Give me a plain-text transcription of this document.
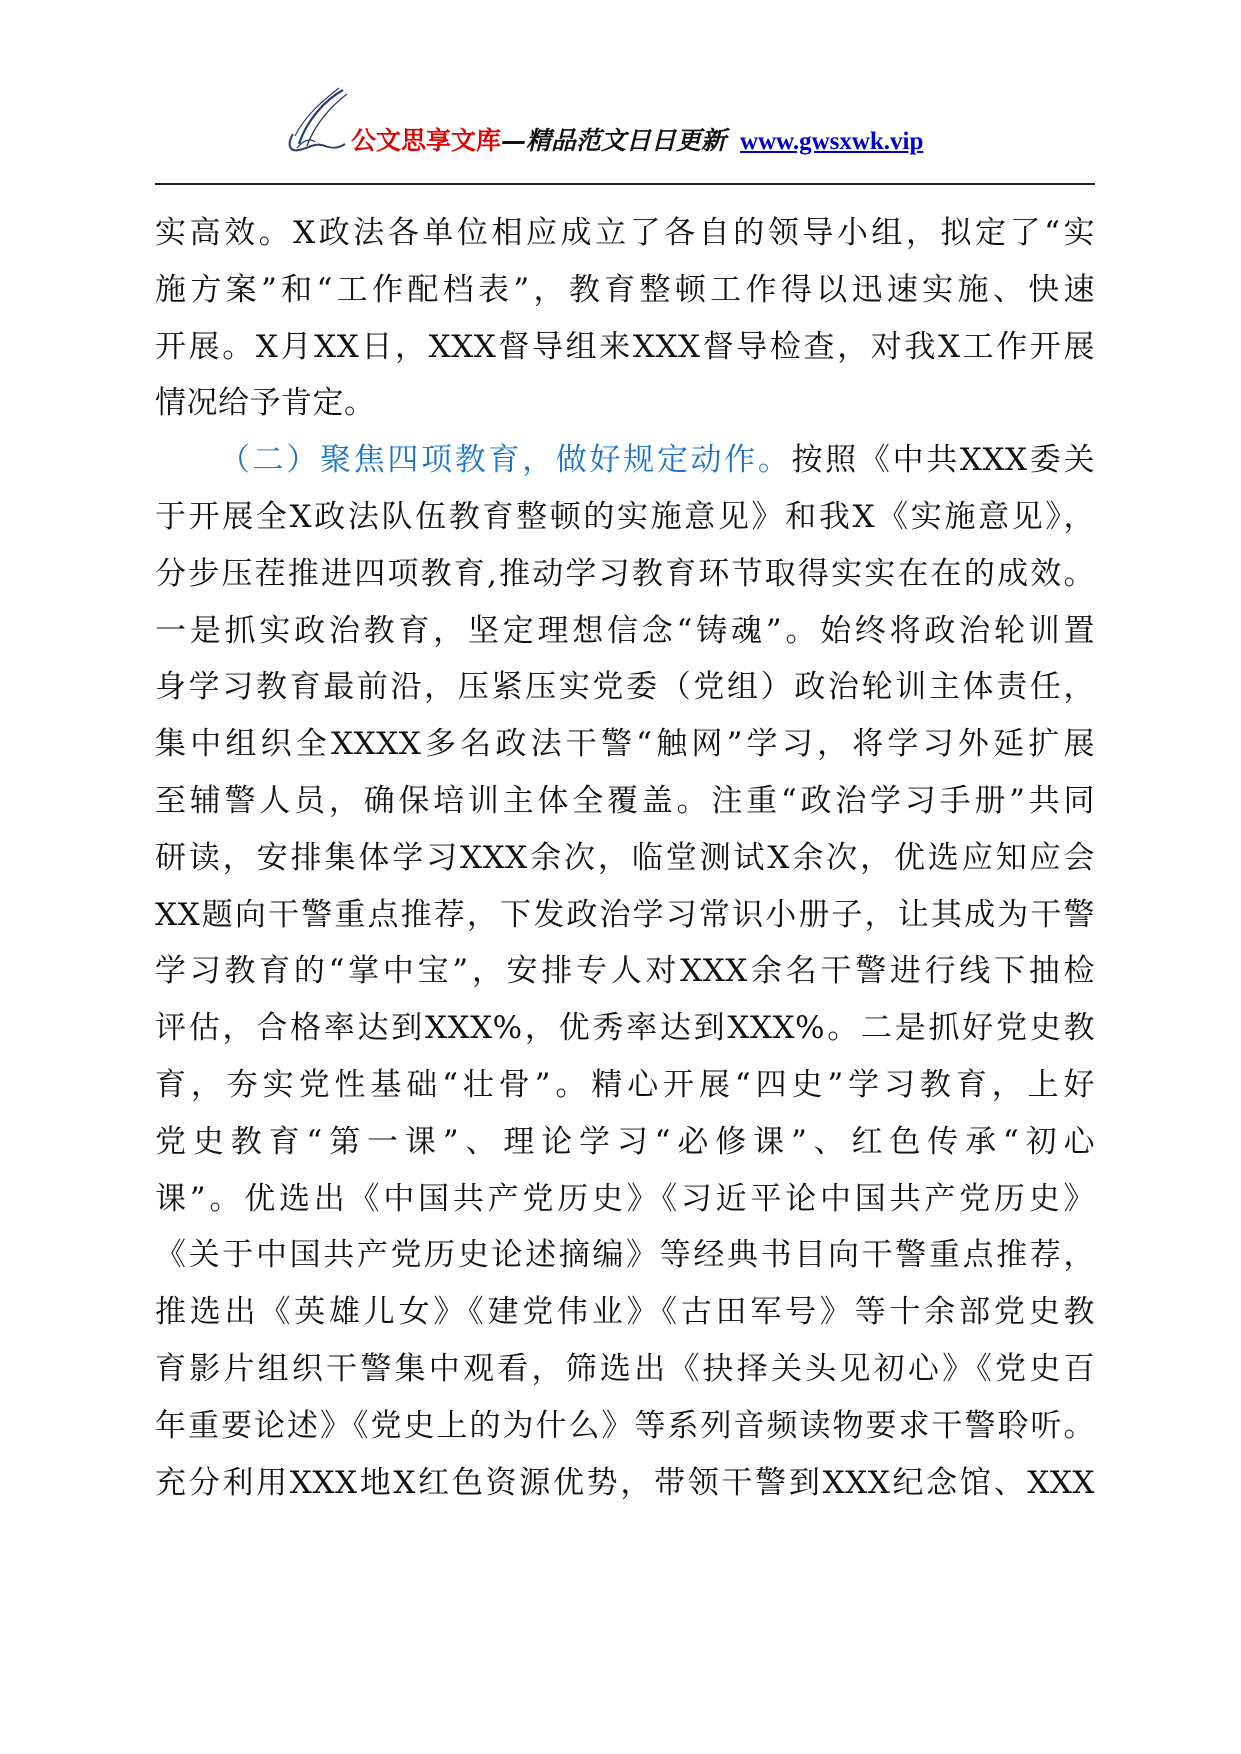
公文思享文库—精品范文日日更新 www.gwsxwk.vip
实高效。X政法各单位相应成立了各自的领导小组，拟定了“实
施方案”和“工作配档表”，教育整顿工作得以迅速实施、快速
开展。X月XX日，XXX督导组来XXX督导检查，对我X工作开展
情况给予肯定。
（二）聚焦四项教育，做好规定动作。按照《中共XXX委关
于开展全X政法队伍教育整顿的实施意见》和我X《实施意见》，
分步压茬推进四项教育,推动学习教育环节取得实实在在的成效。
一是抓实政治教育，坚定理想信念“铸魂”。始终将政治轮训置
身学习教育最前沿，压紧压实党委（党组）政治轮训主体责任，
集中组织全XXXX多名政法干警“触网”学习，将学习外延扩展
至辅警人员，确保培训主体全覆盖。注重“政治学习手册”共同
研读，安排集体学习XXX余次，临堂测试X余次，优选应知应会
XX题向干警重点推荐，下发政治学习常识小册子，让其成为干警
学习教育的“掌中宝”，安排专人对XXX余名干警进行线下抽检
评估，合格率达到XXX%，优秀率达到XXX%。二是抓好党史教
育，夯实党性基础“壮骨”。精心开展“四史”学习教育，上好
党史教育“第一课”、理论学习“必修课”、红色传承“初心
课”。优选出《中国共产党历史》《习近平论中国共产党历史》
《关于中国共产党历史论述摘编》等经典书目向干警重点推荐，
推选出《英雄儿女》《建党伟业》《古田军号》等十余部党史教
育影片组织干警集中观看，筛选出《抉择关头见初心》《党史百
年重要论述》《党史上的为什么》等系列音频读物要求干警聆听。
充分利用XXX地X红色资源优势，带领干警到XXX纪念馆、XXX
